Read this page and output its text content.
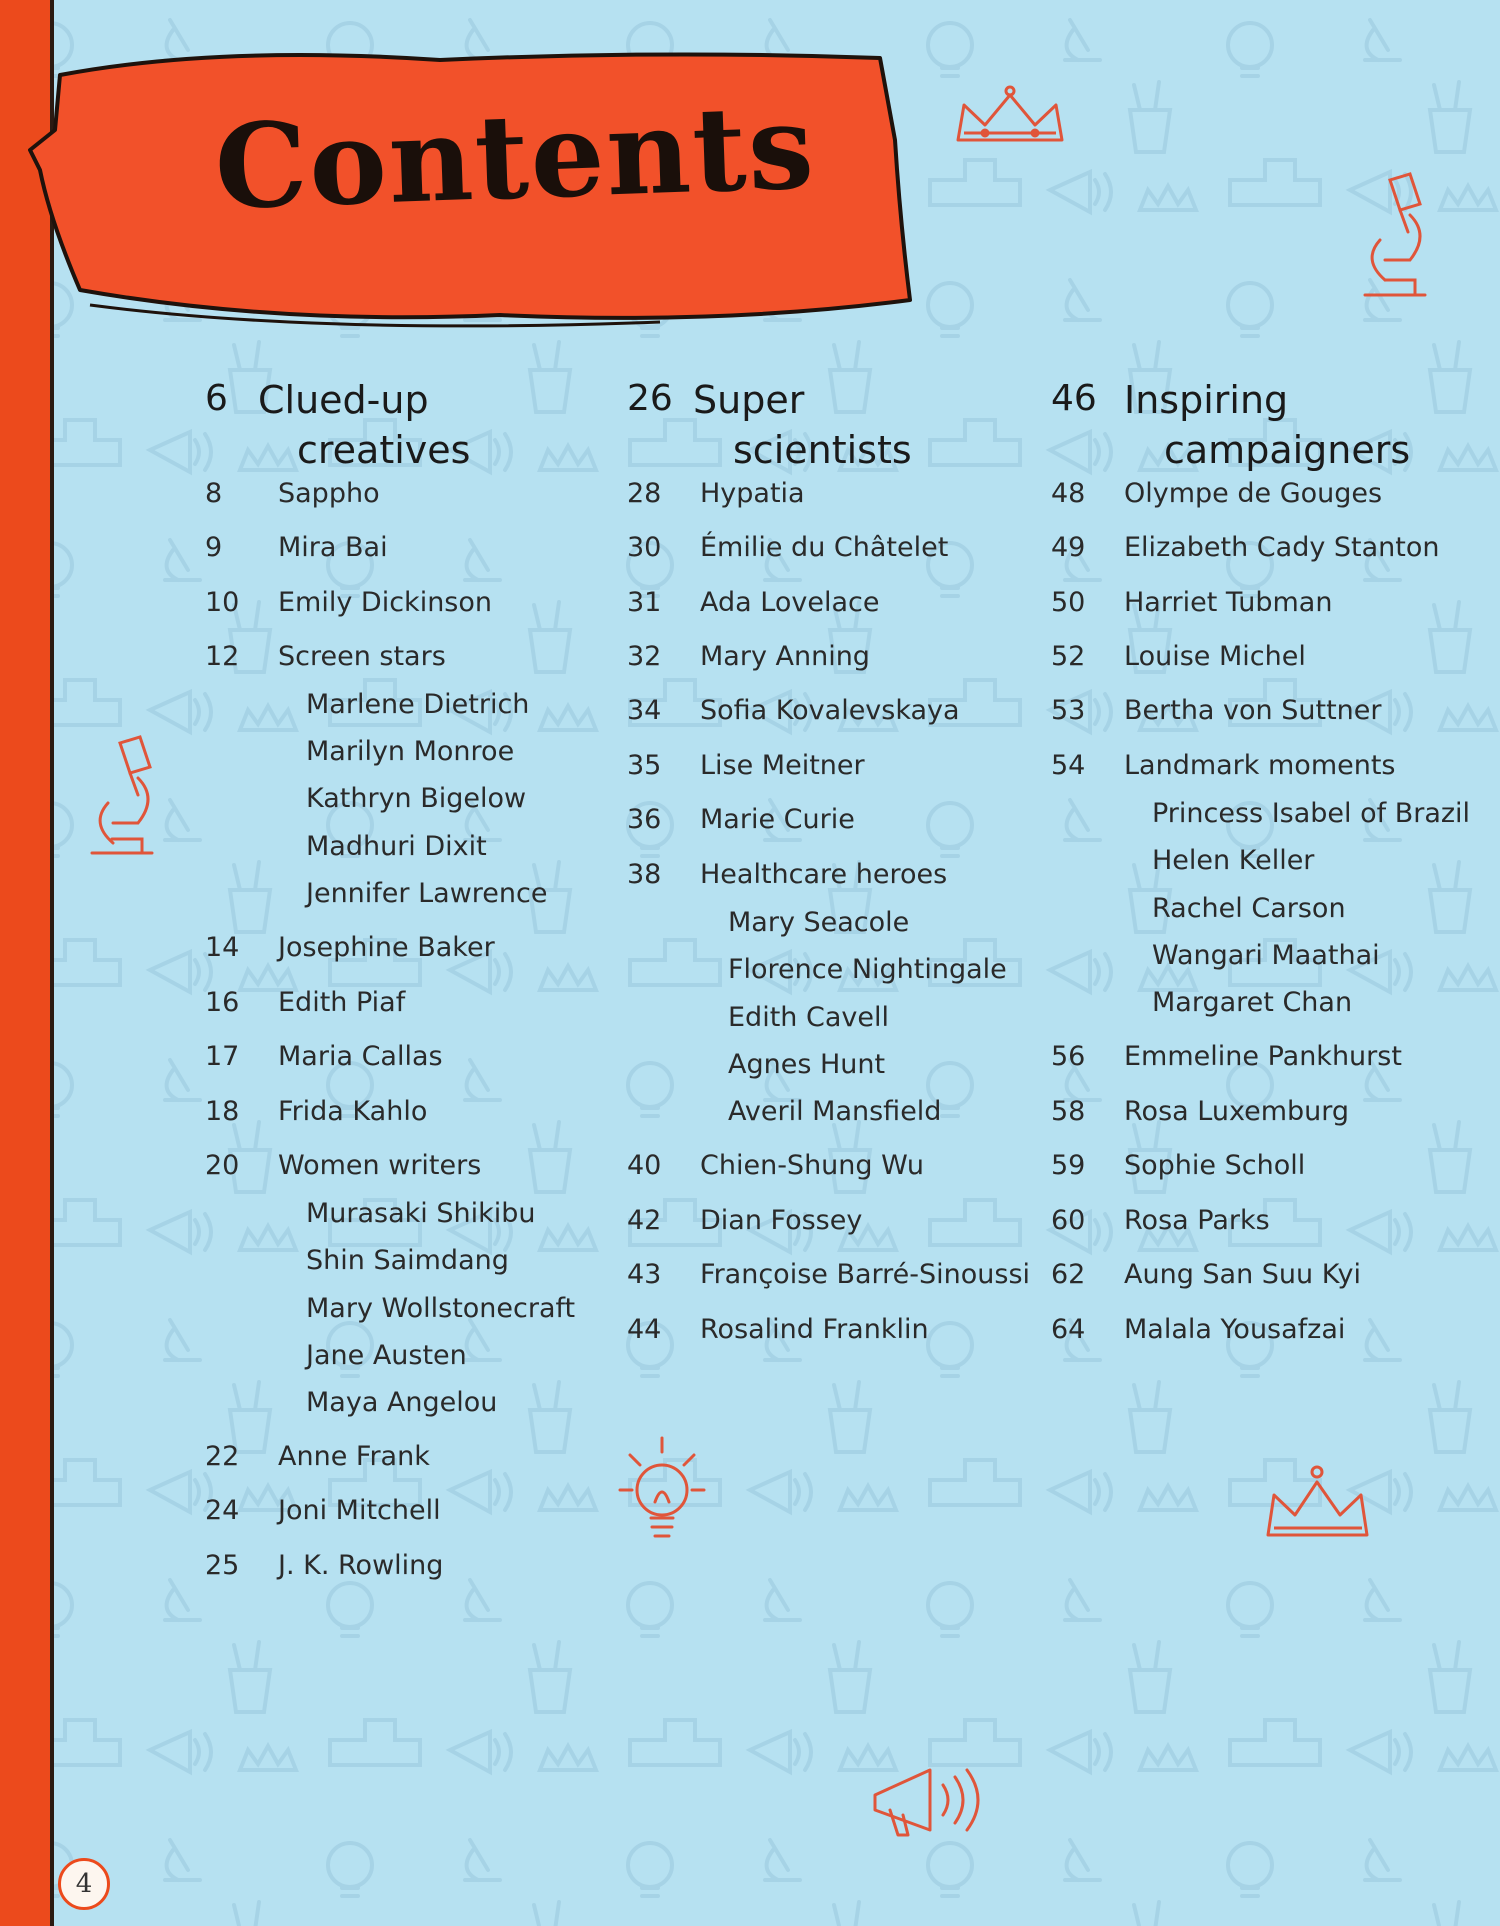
Contents
6 Clued-up
creatives
8 Sappho
9 Mira Bai
10 Emily Dickinson
12 Screen stars
Marlene Dietrich
Marilyn Monroe
Kathryn Bigelow
Madhuri Dixit
Jennifer Lawrence
14 Josephine Baker
16 Edith Piaf
17 Maria Callas
18 Frida Kahlo
20 Women writers
Murasaki Shikibu
Shin Saimdang
Mary Wollstonecraft
Jane Austen
Maya Angelou
22 Anne Frank
24 Joni Mitchell
25 J. K. Rowling
26 Super
scientists
28 Hypatia
30 Émilie du Châtelet
31 Ada Lovelace
32 Mary Anning
34 Sofia Kovalevskaya
35 Lise Meitner
36 Marie Curie
38 Healthcare heroes
Mary Seacole
Florence Nightingale
Edith Cavell
Agnes Hunt
Averil Mansfield
40 Chien-Shung Wu
42 Dian Fossey
43 Françoise Barré-Sinoussi
44 Rosalind Franklin
46 Inspiring
campaigners
48 Olympe de Gouges
49 Elizabeth Cady Stanton
50 Harriet Tubman
52 Louise Michel
53 Bertha von Suttner
54 Landmark moments
Princess Isabel of Brazil
Helen Keller
Rachel Carson
Wangari Maathai
Margaret Chan
56 Emmeline Pankhurst
58 Rosa Luxemburg
59 Sophie Scholl
60 Rosa Parks
62 Aung San Suu Kyi
64 Malala Yousafzai
4
